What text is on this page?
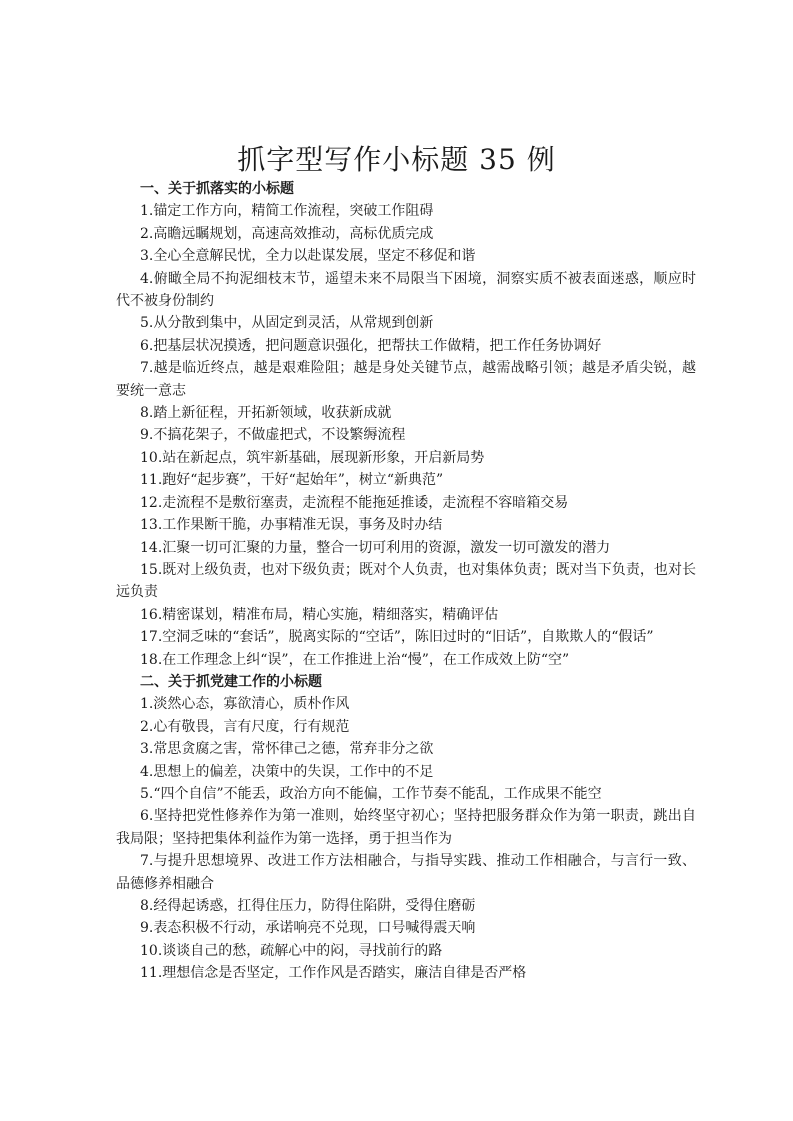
抓字型写作小标题 35 例
一、关于抓落实的小标题
1.锚定工作方向，精简工作流程，突破工作阻碍
2.高瞻远瞩规划，高速高效推动，高标优质完成
3.全心全意解民忧，全力以赴谋发展，坚定不移促和谐
4.俯瞰全局不拘泥细枝末节，遥望未来不局限当下困境，洞察实质不被表面迷惑，顺应时代不被身份制约
5.从分散到集中，从固定到灵活，从常规到创新
6.把基层状况摸透，把问题意识强化，把帮扶工作做精，把工作任务协调好
7.越是临近终点，越是艰难险阻；越是身处关键节点，越需战略引领；越是矛盾尖锐，越要统一意志
8.踏上新征程，开拓新领域，收获新成就
9.不搞花架子，不做虚把式，不设繁缛流程
10.站在新起点，筑牢新基础，展现新形象，开启新局势
11.跑好“起步赛”，干好“起始年”，树立“新典范”
12.走流程不是敷衍塞责，走流程不能拖延推诿，走流程不容暗箱交易
13.工作果断干脆，办事精准无误，事务及时办结
14.汇聚一切可汇聚的力量，整合一切可利用的资源，激发一切可激发的潜力
15.既对上级负责，也对下级负责；既对个人负责，也对集体负责；既对当下负责，也对长远负责
16.精密谋划，精准布局，精心实施，精细落实，精确评估
17.空洞乏味的“套话”，脱离实际的“空话”，陈旧过时的“旧话”，自欺欺人的“假话”
18.在工作理念上纠“误”，在工作推进上治“慢”，在工作成效上防“空”
二、关于抓党建工作的小标题
1.淡然心态，寡欲清心，质朴作风
2.心有敬畏，言有尺度，行有规范
3.常思贪腐之害，常怀律己之德，常弃非分之欲
4.思想上的偏差，决策中的失误，工作中的不足
5.“四个自信”不能丢，政治方向不能偏，工作节奏不能乱，工作成果不能空
6.坚持把党性修养作为第一准则，始终坚守初心；坚持把服务群众作为第一职责，跳出自我局限；坚持把集体利益作为第一选择，勇于担当作为
7.与提升思想境界、改进工作方法相融合，与指导实践、推动工作相融合，与言行一致、品德修养相融合
8.经得起诱惑，扛得住压力，防得住陷阱，受得住磨砺
9.表态积极不行动，承诺响亮不兑现，口号喊得震天响
10.谈谈自己的愁，疏解心中的闷，寻找前行的路
11.理想信念是否坚定，工作作风是否踏实，廉洁自律是否严格
